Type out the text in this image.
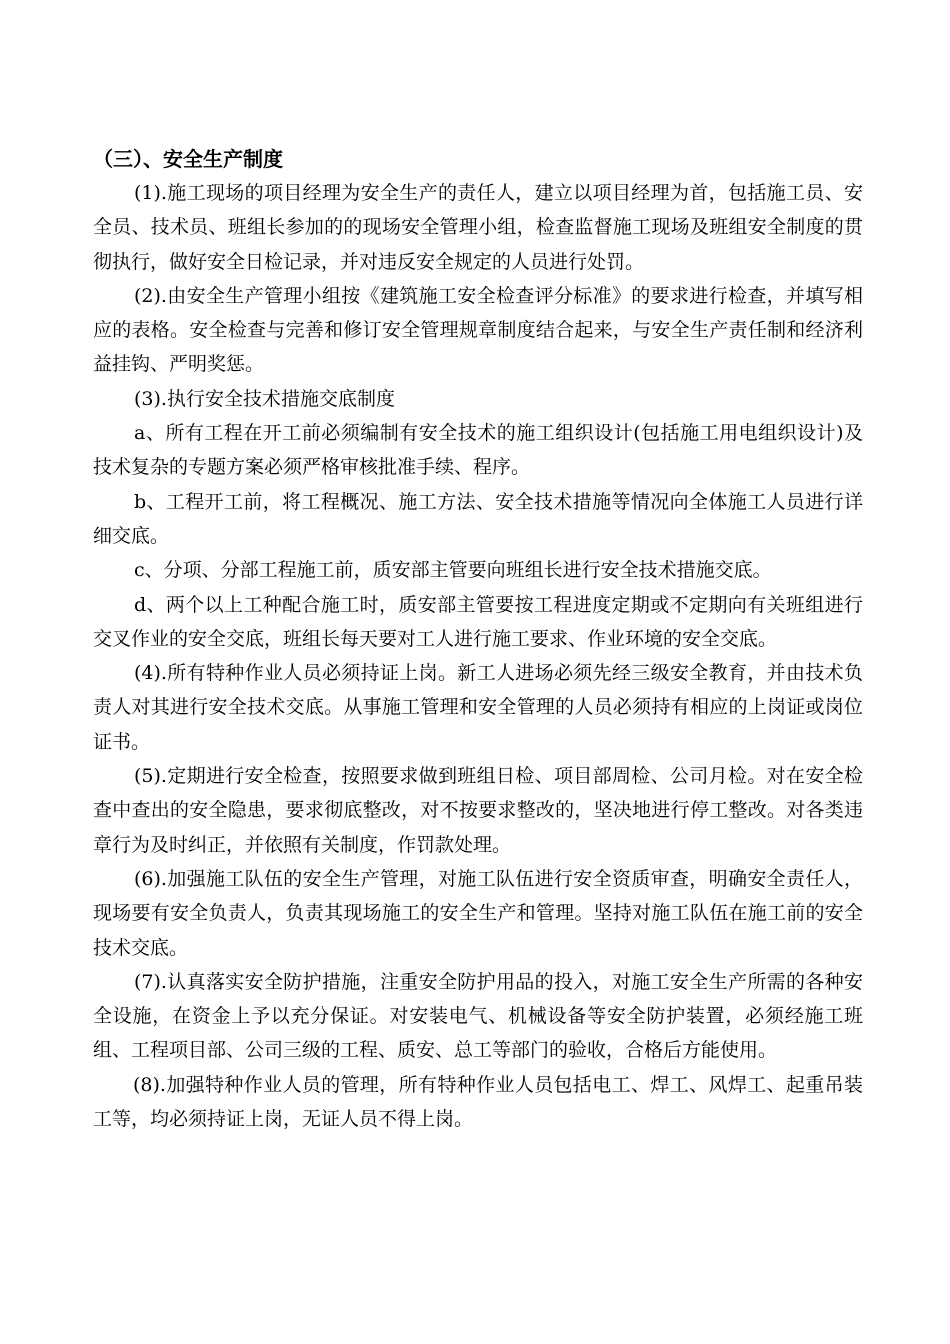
（三）、安全生产制度

(1).施工现场的项目经理为安全生产的责任人，建立以项目经理为首，包括施工员、安全员、技术员、班组长参加的的现场安全管理小组，检查监督施工现场及班组安全制度的贯彻执行，做好安全日检记录，并对违反安全规定的人员进行处罚。

(2).由安全生产管理小组按《建筑施工安全检查评分标准》的要求进行检查，并填写相应的表格。安全检查与完善和修订安全管理规章制度结合起来，与安全生产责任制和经济利益挂钩、严明奖惩。

(3).执行安全技术措施交底制度

a、所有工程在开工前必须编制有安全技术的施工组织设计(包括施工用电组织设计)及技术复杂的专题方案必须严格审核批准手续、程序。

b、工程开工前，将工程概况、施工方法、安全技术措施等情况向全体施工人员进行详细交底。

c、分项、分部工程施工前，质安部主管要向班组长进行安全技术措施交底。

d、两个以上工种配合施工时，质安部主管要按工程进度定期或不定期向有关班组进行交叉作业的安全交底，班组长每天要对工人进行施工要求、作业环境的安全交底。

(4).所有特种作业人员必须持证上岗。新工人进场必须先经三级安全教育，并由技术负责人对其进行安全技术交底。从事施工管理和安全管理的人员必须持有相应的上岗证或岗位证书。

(5).定期进行安全检查，按照要求做到班组日检、项目部周检、公司月检。对在安全检查中查出的安全隐患，要求彻底整改，对不按要求整改的，坚决地进行停工整改。对各类违章行为及时纠正，并依照有关制度，作罚款处理。

(6).加强施工队伍的安全生产管理，对施工队伍进行安全资质审查，明确安全责任人，现场要有安全负责人，负责其现场施工的安全生产和管理。坚持对施工队伍在施工前的安全技术交底。

(7).认真落实安全防护措施，注重安全防护用品的投入，对施工安全生产所需的各种安全设施，在资金上予以充分保证。对安装电气、机械设备等安全防护装置，必须经施工班组、工程项目部、公司三级的工程、质安、总工等部门的验收，合格后方能使用。

(8).加强特种作业人员的管理，所有特种作业人员包括电工、焊工、风焊工、起重吊装工等，均必须持证上岗，无证人员不得上岗。
